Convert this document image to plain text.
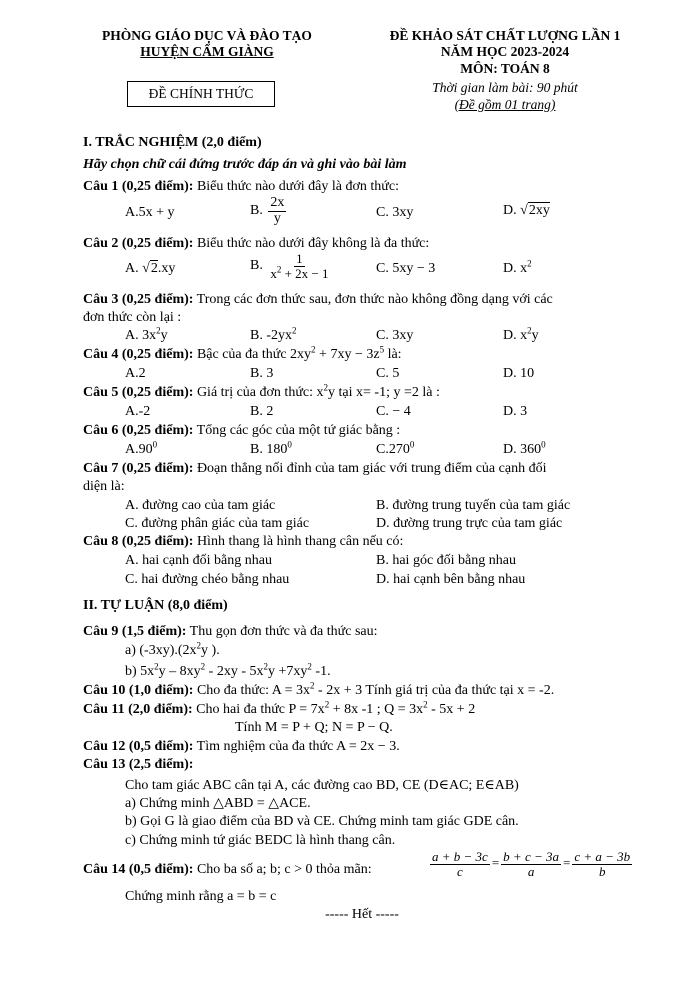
PHÒNG GIÁO DỤC VÀ ĐÀO TẠO
HUYỆN CẨM GIÀNG
ĐỀ CHÍNH THỨC
ĐỀ KHẢO SÁT CHẤT LƯỢNG LẦN 1
NĂM HỌC 2023-2024
MÔN: TOÁN 8
Thời gian làm bài: 90 phút
(Đề gồm 01 trang)
I. TRẮC NGHIỆM (2,0 điểm)
Hãy chọn chữ cái đứng trước đáp án và ghi vào bài làm
Câu 1 (0,25 điểm): Biểu thức nào dưới đây là đơn thức:
A.5x + y	B. $\frac{2x}{y}$	C. 3xy	D. √2xy
Câu 2 (0,25 điểm): Biểu thức nào dưới đây không là đa thức:
A. √2.xy	B. $\frac{1}{x^2 + 2x - 1}$	C. 5xy − 3	D. $x^2$
Câu 3 (0,25 điểm): Trong các đơn thức sau, đơn thức nào không đồng dạng với các
đơn thức còn lại :
A. $3x^2y$	B. $-2yx^2$	C. 3xy	D. $x^2y$
Câu 4 (0,25 điểm): Bậc của đa thức $2xy^2 + 7xy - 3z^5$ là:
A.2	B. 3	C. 5	D. 10
Câu 5 (0,25 điểm): Giá trị của đơn thức: $x^2y$ tại x= -1; y =2 là :
A.-2	B. 2	C. − 4	D. 3
Câu 6 (0,25 điểm): Tổng các góc của một tứ giác bằng :
$A.90^0$	B. $180^0$	C.270$^0$	D. $360^0$
Câu 7 (0,25 điểm): Đoạn thẳng nối đỉnh của tam giác với trung điểm của cạnh đối
diện là:
A. đường cao của tam giác	B. đường trung tuyến của tam giác
C. đường phân giác của tam giác	D. đường trung trực của tam giác
Câu 8 (0,25 điểm): Hình thang là hình thang cân nếu có:
A. hai cạnh đối bằng nhau	B. hai góc đối bằng nhau
C. hai đường chéo bằng nhau	D. hai cạnh bên bằng nhau
II. TỰ LUẬN (8,0 điểm)
Câu 9 (1,5 điểm): Thu gọn đơn thức và đa thức sau:
a) $(-3xy).(2x^2y$ ).
b) $5x^2y - 8xy^2 - 2xy - 5x^2y +7xy^2$ -1.
Câu 10 (1,0 điểm): Cho đa thức: $A = 3x^2 - 2x + 3$ Tính giá trị của đa thức tại x = -2.
Câu 11 (2,0 điểm): Cho hai đa thức $P = 7x^2 + 8x$ -1 ; $Q = 3x^2 - 5x + 2$
Tính M = P + Q; N = P − Q.
Câu 12 (0,5 điểm): Tìm nghiệm của đa thức A = 2x − 3.
Câu 13 (2,5 điểm):
Cho tam giác ABC cân tại A, các đường cao BD, CE (D∈AC; E∈AB)
a) Chứng minh △ABD = △ACE.
b) Gọi G là giao điểm của BD và CE. Chứng minh tam giác GDE cân.
c) Chứng minh tứ giác BEDC là hình thang cân.
Câu 14 (0,5 điểm): Cho ba số a; b; c > 0 thỏa mãn:	$\frac{a + b - 3c}{c} = \frac{b + c - 3a}{a} = \frac{c + a - 3b}{b}$
Chứng minh rằng a = b = c
----- Hết -----
